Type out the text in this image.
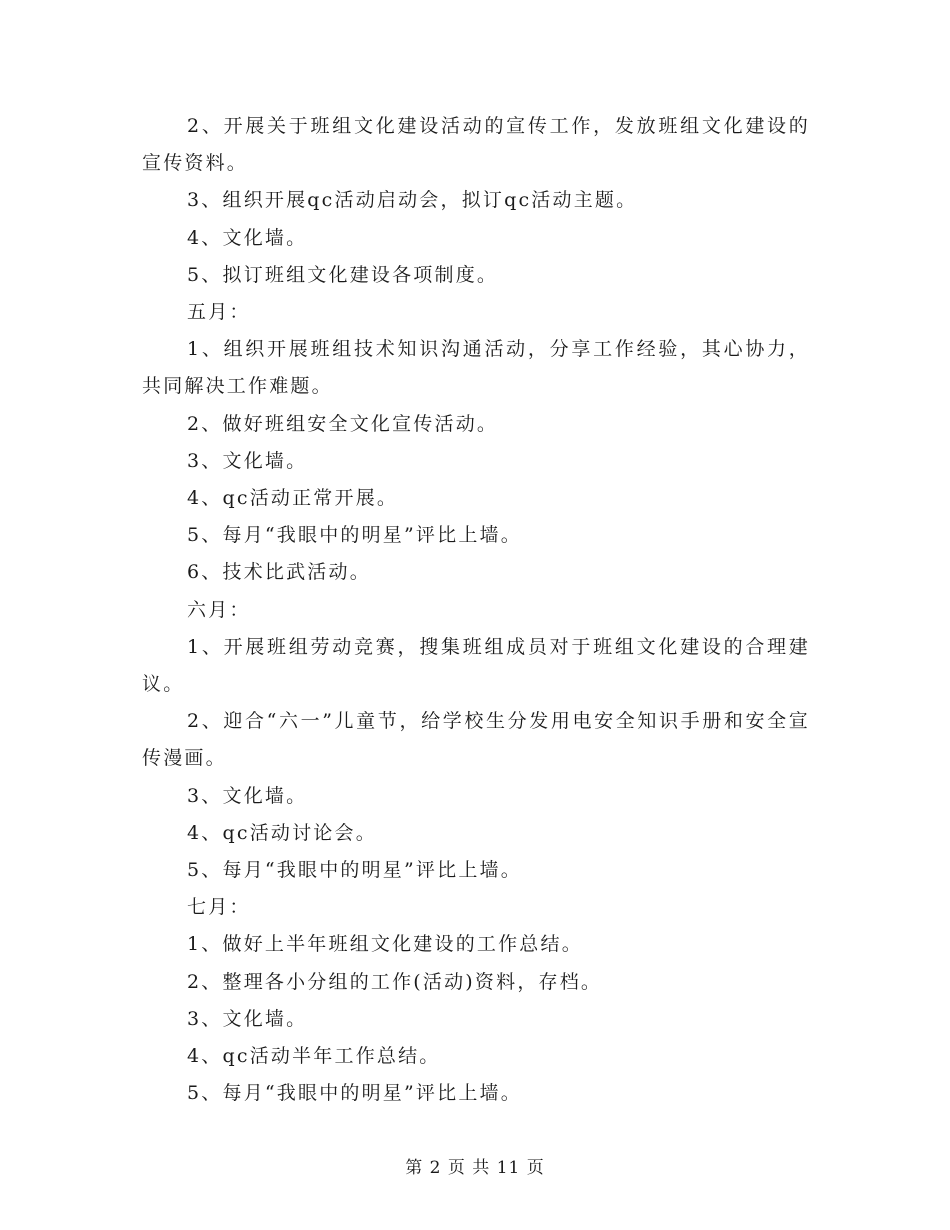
2、开展关于班组文化建设活动的宣传工作，发放班组文化建设的宣传资料。

3、组织开展qc活动启动会，拟订qc活动主题。

4、文化墙。

5、拟订班组文化建设各项制度。

五月：

1、组织开展班组技术知识沟通活动，分享工作经验，其心协力，共同解决工作难题。

2、做好班组安全文化宣传活动。

3、文化墙。

4、qc活动正常开展。

5、每月“我眼中的明星”评比上墙。

6、技术比武活动。

六月：

1、开展班组劳动竞赛，搜集班组成员对于班组文化建设的合理建议。

2、迎合“六一”儿童节，给学校生分发用电安全知识手册和安全宣传漫画。

3、文化墙。

4、qc活动讨论会。

5、每月“我眼中的明星”评比上墙。

七月：

1、做好上半年班组文化建设的工作总结。

2、整理各小分组的工作(活动)资料，存档。

3、文化墙。

4、qc活动半年工作总结。

5、每月“我眼中的明星”评比上墙。

第 2 页 共 11 页
